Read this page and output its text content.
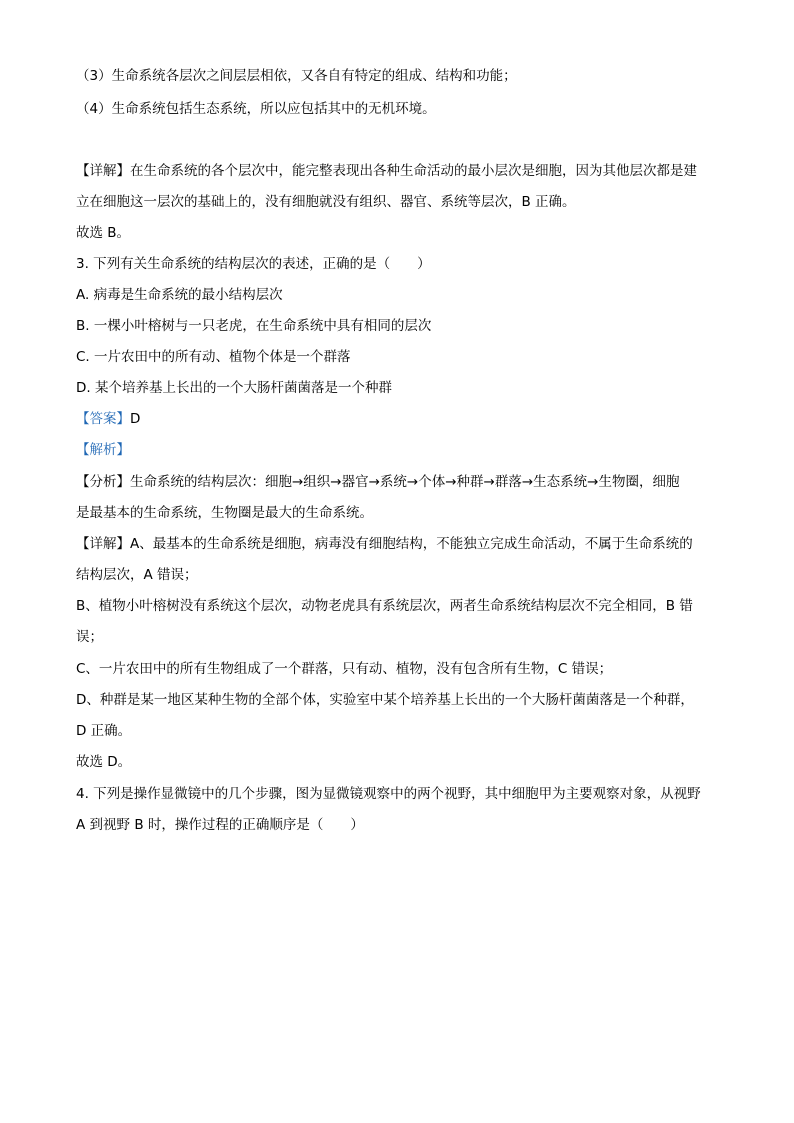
（3）生命系统各层次之间层层相依，又各自有特定的组成、结构和功能；
（4）生命系统包括生态系统，所以应包括其中的无机环境。
【详解】在生命系统的各个层次中，能完整表现出各种生命活动的最小层次是细胞，因为其他层次都是建
立在细胞这一层次的基础上的，没有细胞就没有组织、器官、系统等层次，B 正确。
故选 B。
3. 下列有关生命系统的结构层次的表述，正确的是（　　）
A. 病毒是生命系统的最小结构层次
B. 一棵小叶榕树与一只老虎，在生命系统中具有相同的层次
C. 一片农田中的所有动、植物个体是一个群落
D. 某个培养基上长出的一个大肠杆菌菌落是一个种群
【答案】D
【解析】
【分析】生命系统的结构层次：细胞→组织→器官→系统→个体→种群→群落→生态系统→生物圈，细胞
是最基本的生命系统，生物圈是最大的生命系统。
【详解】A、最基本的生命系统是细胞，病毒没有细胞结构，不能独立完成生命活动，不属于生命系统的
结构层次，A 错误；
B、植物小叶榕树没有系统这个层次，动物老虎具有系统层次，两者生命系统结构层次不完全相同，B 错
误；
C、一片农田中的所有生物组成了一个群落，只有动、植物，没有包含所有生物，C 错误；
D、种群是某一地区某种生物的全部个体，实验室中某个培养基上长出的一个大肠杆菌菌落是一个种群，
D 正确。
故选 D。
4. 下列是操作显微镜中的几个步骤，图为显微镜观察中的两个视野，其中细胞甲为主要观察对象，从视野
A 到视野 B 时，操作过程的正确顺序是（　　）
